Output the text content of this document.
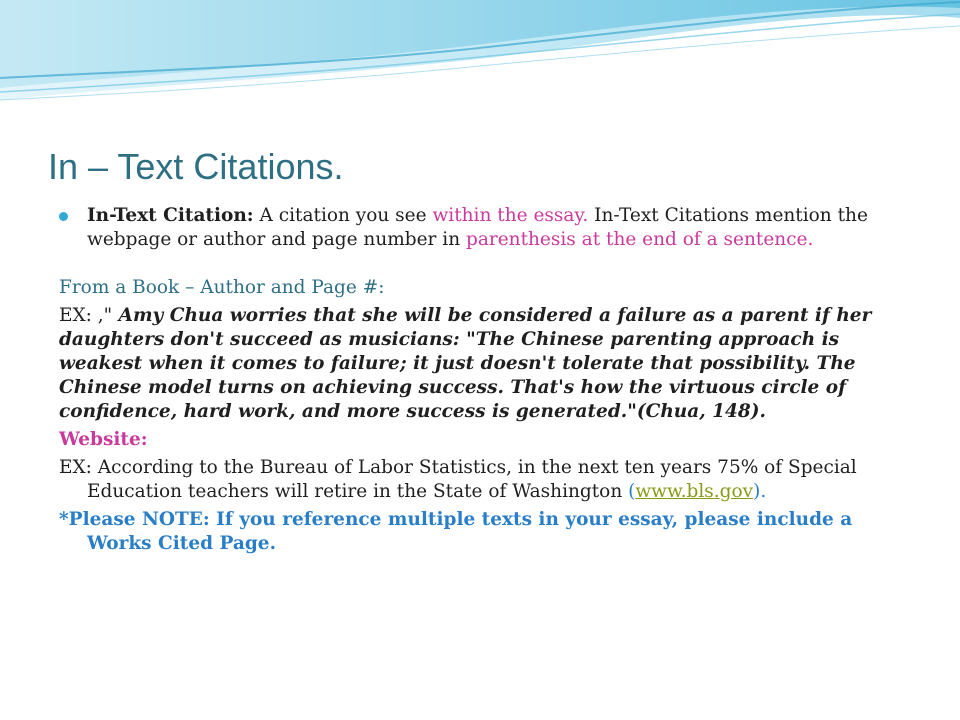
In – Text Citations.

In-Text Citation: A citation you see within the essay. In-Text Citations mention the webpage or author and page number in parenthesis at the end of a sentence.

From a Book – Author and Page #:

EX: ," Amy Chua worries that she will be considered a failure as a parent if her daughters don't succeed as musicians: "The Chinese parenting approach is weakest when it comes to failure; it just doesn't tolerate that possibility. The Chinese model turns on achieving success. That's how the virtuous circle of confidence, hard work, and more success is generated."(Chua, 148).

Website:

EX: According to the Bureau of Labor Statistics, in the next ten years 75% of Special Education teachers will retire in the State of Washington (www.bls.gov).

*Please NOTE: If you reference multiple texts in your essay, please include a Works Cited Page.
